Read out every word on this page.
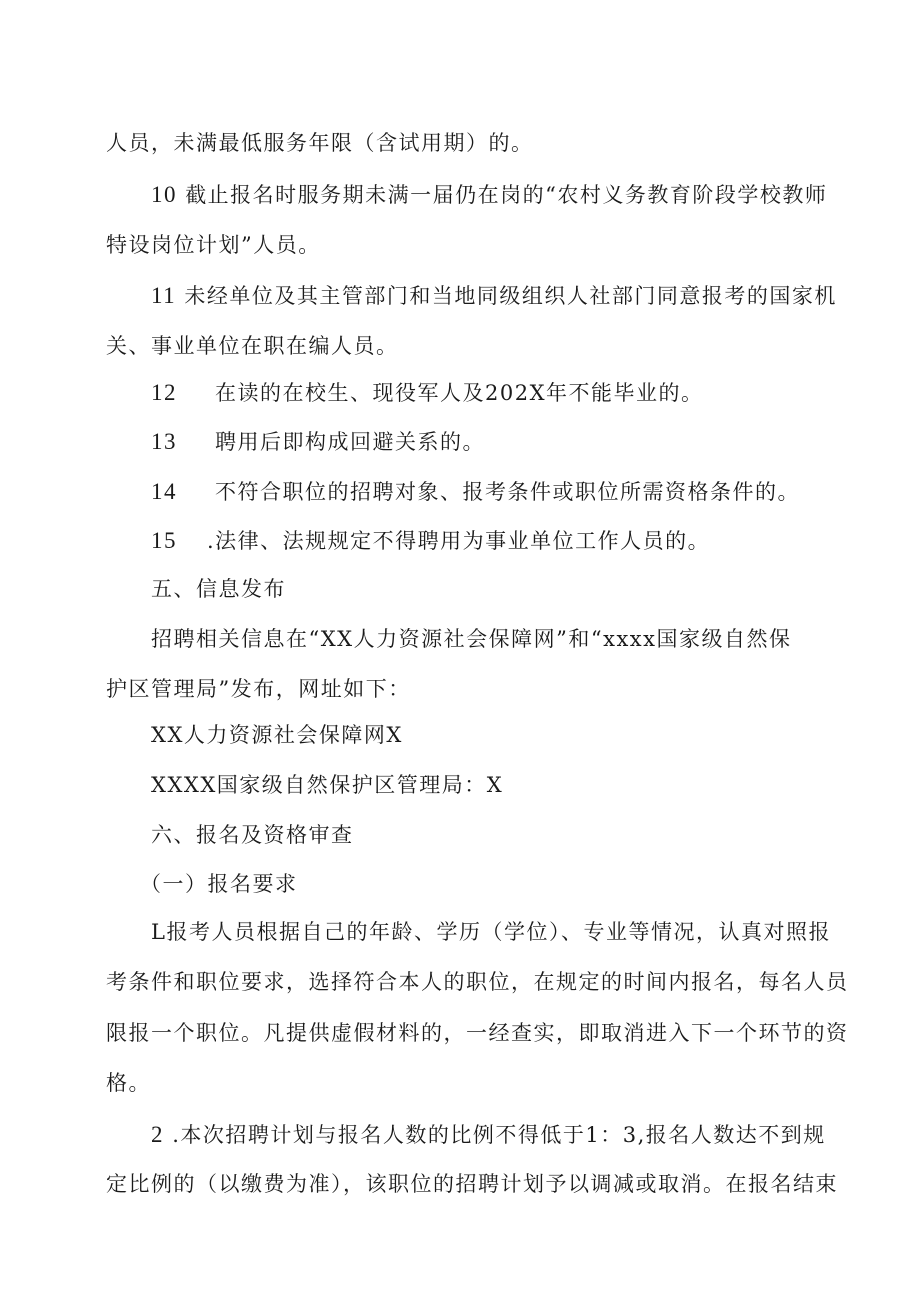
人员，未满最低服务年限（含试用期）的。
10 截止报名时服务期未满一届仍在岗的“农村义务教育阶段学校教师
特设岗位计划”人员。
11 未经单位及其主管部门和当地同级组织人社部门同意报考的国家机
关、事业单位在职在编人员。
12 在读的在校生、现役军人及202X年不能毕业的。
13 聘用后即构成回避关系的。
14 不符合职位的招聘对象、报考条件或职位所需资格条件的。
15 .法律、法规规定不得聘用为事业单位工作人员的。
五、信息发布
招聘相关信息在“XX人力资源社会保障网”和“xxxx国家级自然保
护区管理局”发布，网址如下：
XX人力资源社会保障网X
XXXX国家级自然保护区管理局：X
六、报名及资格审查
（一）报名要求
L报考人员根据自己的年龄、学历（学位）、专业等情况，认真对照报
考条件和职位要求，选择符合本人的职位，在规定的时间内报名，每名人员
限报一个职位。凡提供虚假材料的，一经查实，即取消进入下一个环节的资
格。
2 .本次招聘计划与报名人数的比例不得低于1：3,报名人数达不到规
定比例的（以缴费为准），该职位的招聘计划予以调减或取消。在报名结束
